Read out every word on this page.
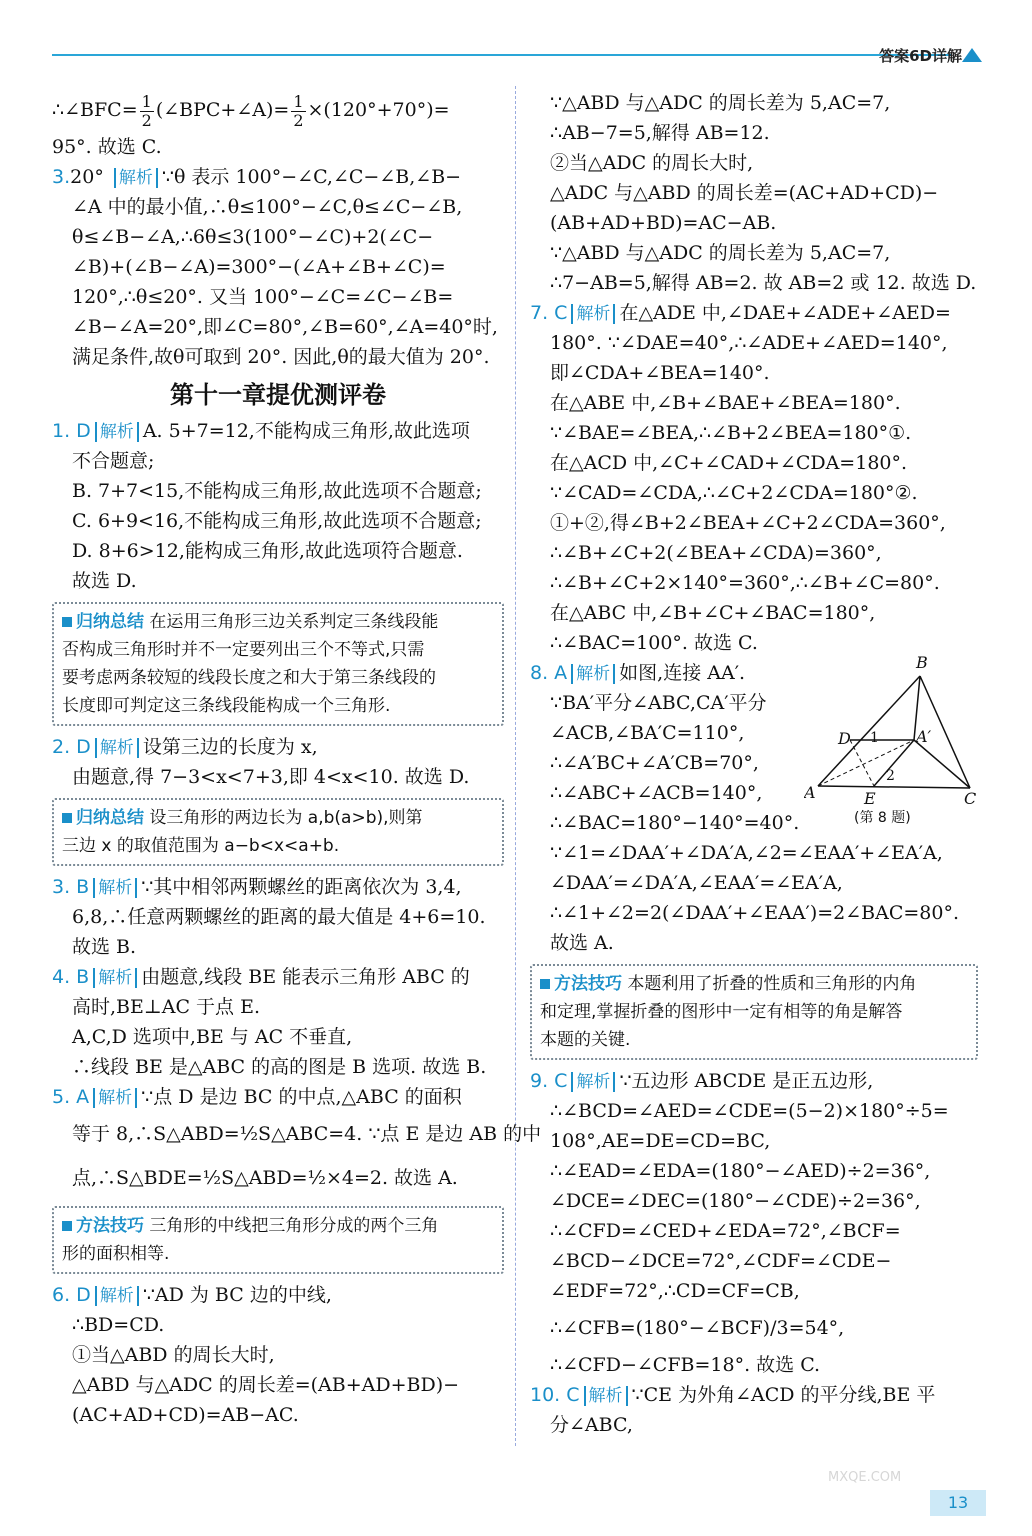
答案6D详解
∴∠BFC= $\frac{1}{2}$ (∠BPC+∠A)= $\frac{1}{2} \times(120^\circ+70^\circ)=$
95°. 故选 C.
3.20° 解析 ∵θ 表示 100°−∠C,∠C−∠B,∠B−
∠A 中的最小值,∴θ≤100°−∠C,θ≤∠C−∠B,
θ≤∠B−∠A,∴6θ≤3(100°−∠C)+2(∠C−
∠B)+(∠B−∠A)=300°−(∠A+∠B+∠C)=
120°,∴θ≤20°. 又当 100°−∠C=∠C−∠B=
∠B−∠A=20°,即∠C=80°,∠B=60°,∠A=40°时,
满足条件,故θ可取到 20°. 因此,θ的最大值为 20°.
第十一章提优测评卷
1. D 解析 A. 5+7=12,不能构成三角形,故此选项
不合题意;
B. 7+7<15,不能构成三角形,故此选项不合题意;
C. 6+9<16,不能构成三角形,故此选项不合题意;
D. 8+6>12,能构成三角形,故此选项符合题意.
故选 D.
归纳总结 在运用三角形三边关系判定三条线段能
否构成三角形时并不一定要列出三个不等式,只需
要考虑两条较短的线段长度之和大于第三条线段的
长度即可判定这三条线段能构成一个三角形.
2. D 解析 设第三边的长度为 x,
由题意,得 7−3<x<7+3,即 4<x<10. 故选 D.
归纳总结 设三角形的两边长为 a,b(a>b),则第
三边 x 的取值范围为 a−b<x<a+b.
3. B 解析 ∵其中相邻两颗螺丝的距离依次为 3,4,
6,8,∴任意两颗螺丝的距离的最大值是 4+6=10.
故选 B.
4. B 解析 由题意,线段 BE 能表示三角形 ABC 的
高时,BE⊥AC 于点 E.
A,C,D 选项中,BE 与 AC 不垂直,
∴线段 BE 是△ABC 的高的图是 B 选项. 故选 B.
5. A 解析 ∵点 D 是边 BC 的中点,△ABC 的面积
等于 8,∴S△ABD=½S△ABC=4. ∵点 E 是边 AB 的中
点,∴S△BDE=½S△ABD=½×4=2. 故选 A.
方法技巧 三角形的中线把三角形分成的两个三角
形的面积相等.
6. D 解析 ∵AD 为 BC 边的中线,
∴BD=CD.
①当△ABD 的周长大时,
△ABD 与△ADC 的周长差=(AB+AD+BD)−
(AC+AD+CD)=AB−AC.
∵△ABD 与△ADC 的周长差为 5,AC=7,
∴AB−7=5,解得 AB=12.
②当△ADC 的周长大时,
△ADC 与△ABD 的周长差=(AC+AD+CD)−
(AB+AD+BD)=AC−AB.
∵△ABD 与△ADC 的周长差为 5,AC=7,
∴7−AB=5,解得 AB=2. 故 AB=2 或 12. 故选 D.
7. C 解析 在△ADE 中,∠DAE+∠ADE+∠AED=
180°. ∵∠DAE=40°,∴∠ADE+∠AED=140°,
即∠CDA+∠BEA=140°.
在△ABE 中,∠B+∠BAE+∠BEA=180°.
∵∠BAE=∠BEA,∴∠B+2∠BEA=180°①.
在△ACD 中,∠C+∠CAD+∠CDA=180°.
∵∠CAD=∠CDA,∴∠C+2∠CDA=180°②.
①+②,得∠B+2∠BEA+∠C+2∠CDA=360°,
∴∠B+∠C+2(∠BEA+∠CDA)=360°,
∴∠B+∠C+2×140°=360°,∴∠B+∠C=80°.
在△ABC 中,∠B+∠C+∠BAC=180°,
∴∠BAC=100°. 故选 C.
8. A 解析 如图,连接 AA′.
∵BA′平分∠ABC,CA′平分
∠ACB,∠BA′C=110°,
∴∠A′BC+∠A′CB=70°,
∴∠ABC+∠ACB=140°,
∴∠BAC=180°−140°=40°.
∵∠1=∠DAA′+∠DA′A,∠2=∠EAA′+∠EA′A,
∠DAA′=∠DA′A,∠EAA′=∠EA′A,
∴∠1+∠2=2(∠DAA′+∠EAA′)=2∠BAC=80°.
故选 A.
方法技巧 本题利用了折叠的性质和三角形的内角
和定理,掌握折叠的图形中一定有相等的角是解答
本题的关键.
9. C 解析 ∵五边形 ABCDE 是正五边形,
∴∠BCD=∠AED=∠CDE=(5−2)×180°÷5=
108°,AE=DE=CD=BC,
∴∠EAD=∠EDA=(180°−∠AED)÷2=36°,
∠DCE=∠DEC=(180°−∠CDE)÷2=36°,
∴∠CFD=∠CED+∠EDA=72°,∠BCF=
∠BCD−∠DCE=72°,∠CDF=∠CDE−
∠EDF=72°,∴CD=CF=CB,
∴∠CFB=(180°−∠BCF)/3=54°,
∴∠CFD−∠CFB=18°. 故选 C.
10. C 解析 ∵CE 为外角∠ACD 的平分线,BE 平
分∠ABC,
B
D 1 A′
2
A	E	C
(第 8 题)
13
MXQE.COM
